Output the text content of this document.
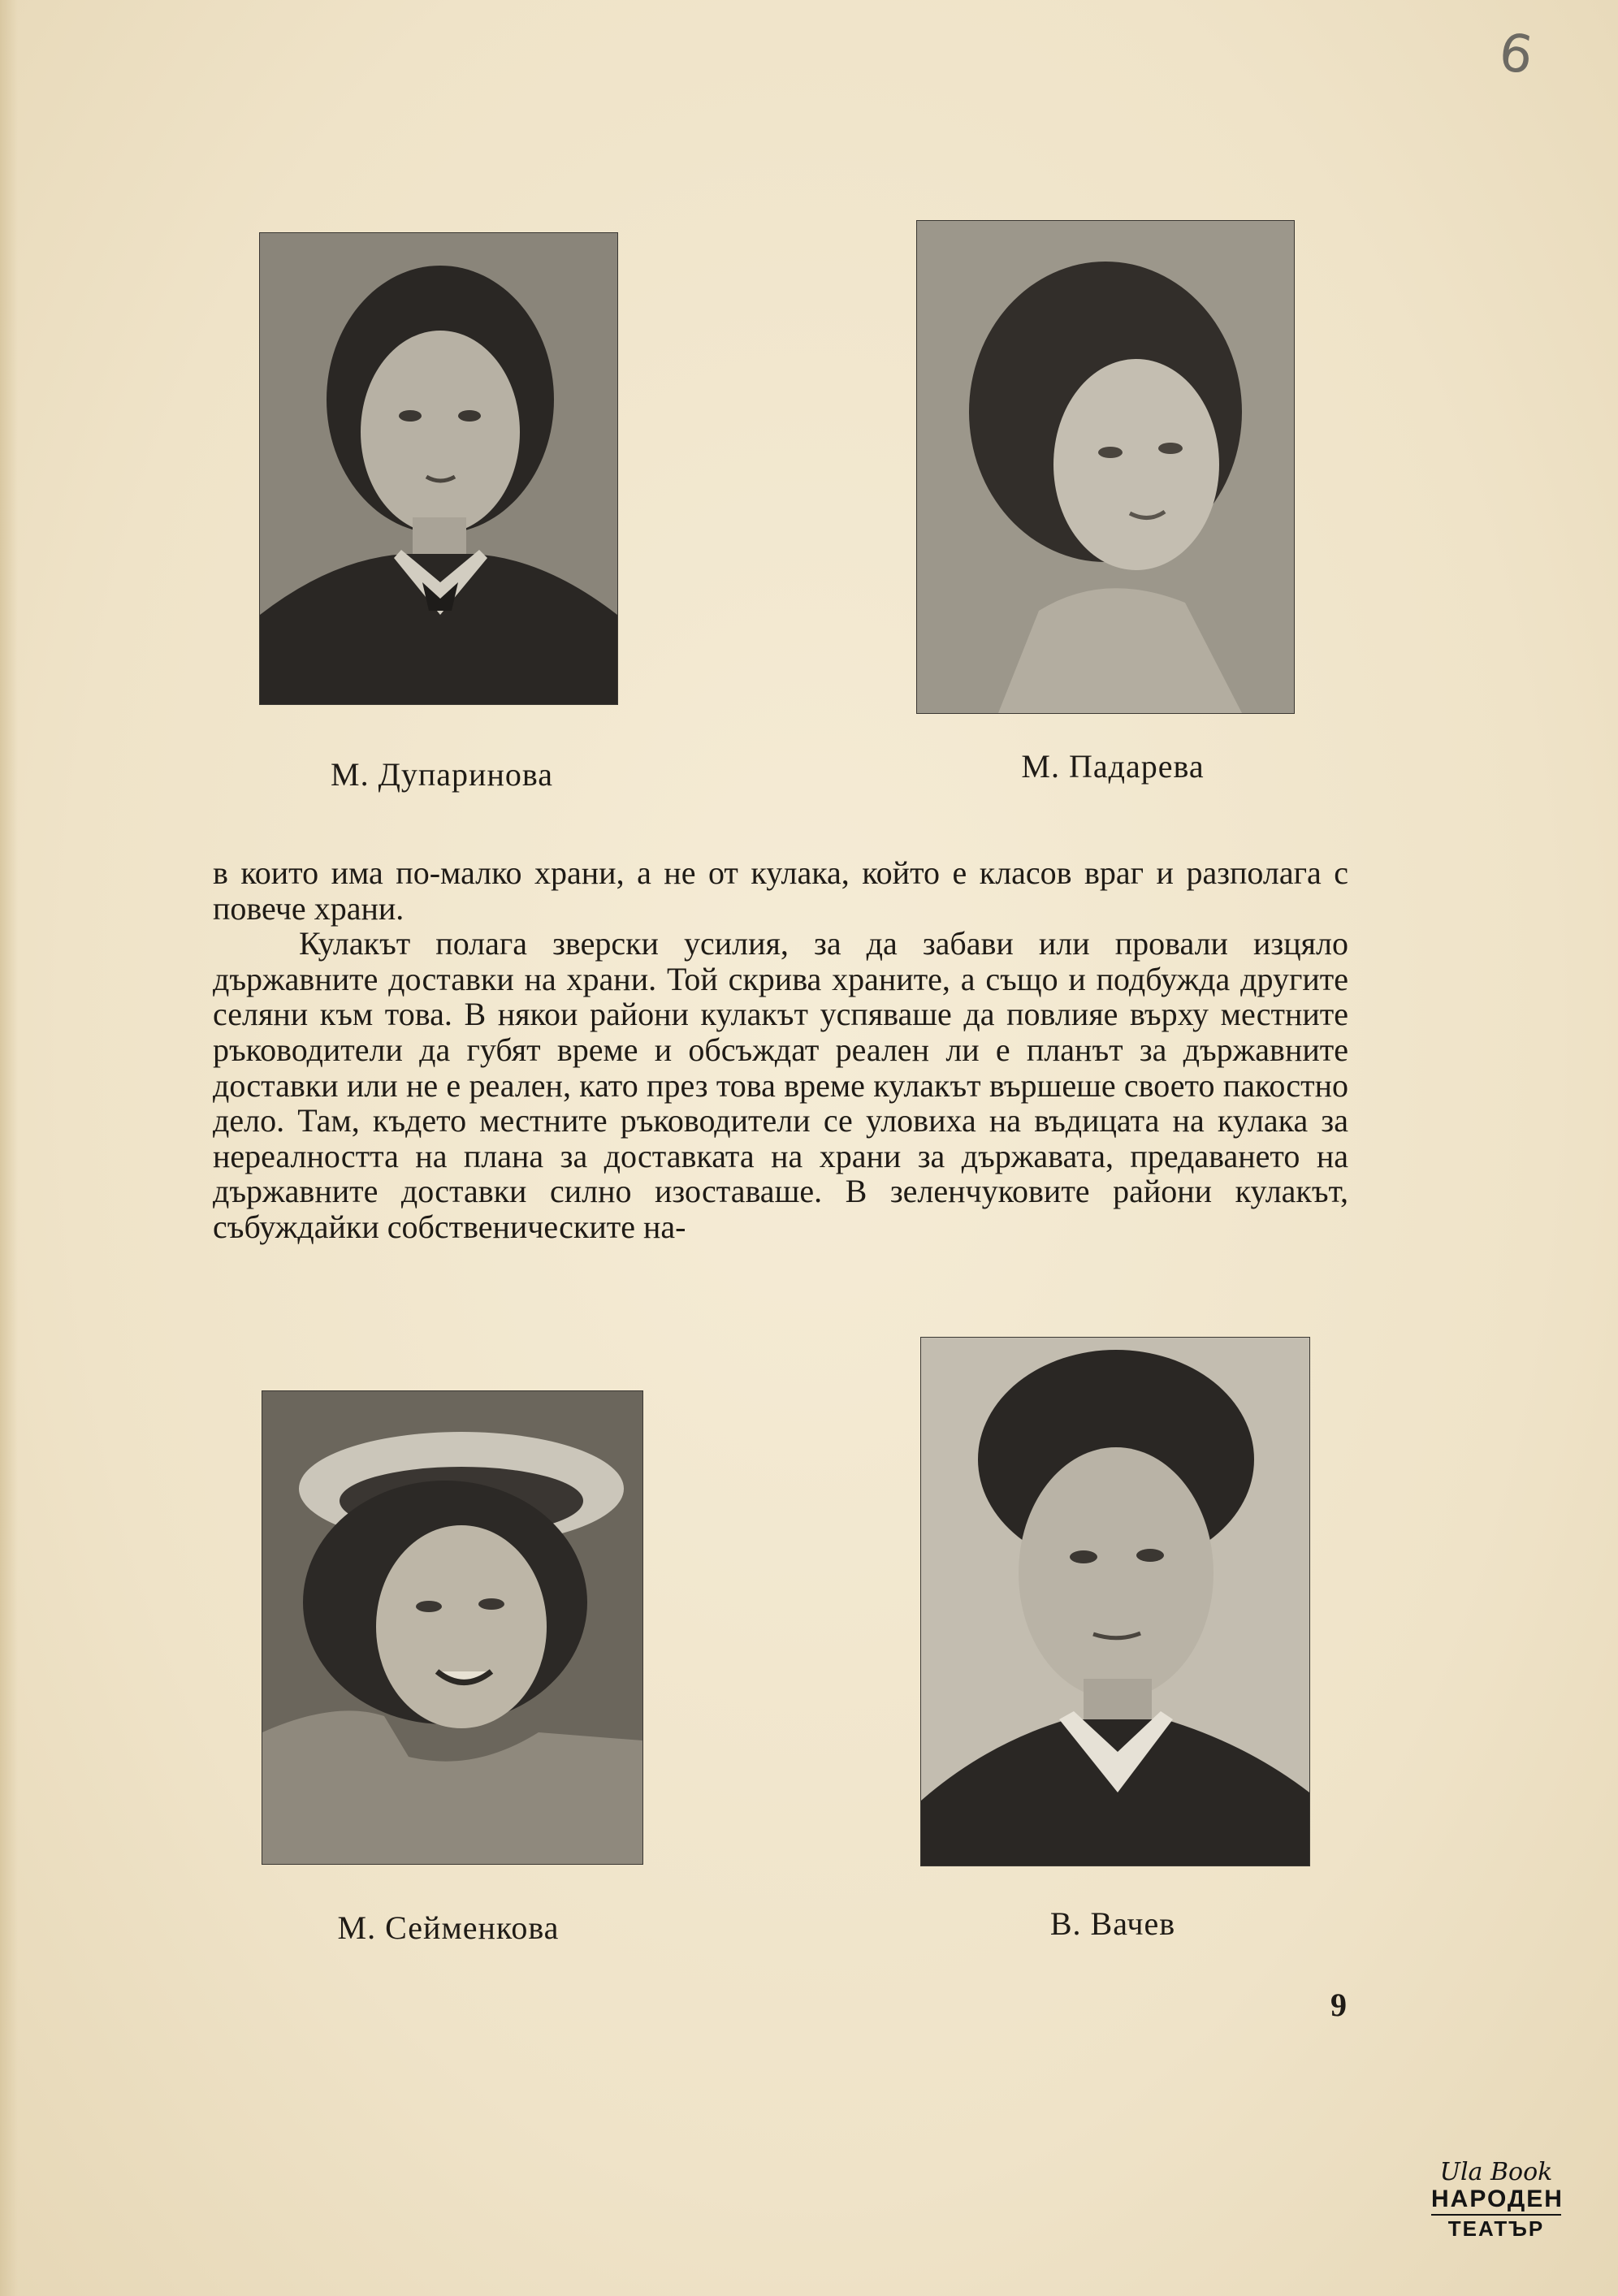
6
М. Дупаринова	М. Падарева

в които има по-малко храни, а не от кулака, който е класов враг и разполага с повече храни.

Кулакът полага зверски усилия, за да забави или провали изцяло държавните доставки на храни. Той скрива храните, а също и подбужда другите селяни към това. В някои райони кулакът успяваше да повлияе върху местните ръководители да губят време и обсъждат реален ли е планът за държавните доставки или не е реален, като през това време кулакът вършеше своето пакостно дело. Там, където местните ръководители се уловиха на въдицата на кулака за нереалността на плана за доставката на храни за държавата, предаването на държавните доставки силно изоставаше. В зеленчуковите райони кулакът, събуждайки собственическите на-

М. Сейменкова	В. Вачев
9
Ula Book
НАРОДЕН
ТЕАТЪР
